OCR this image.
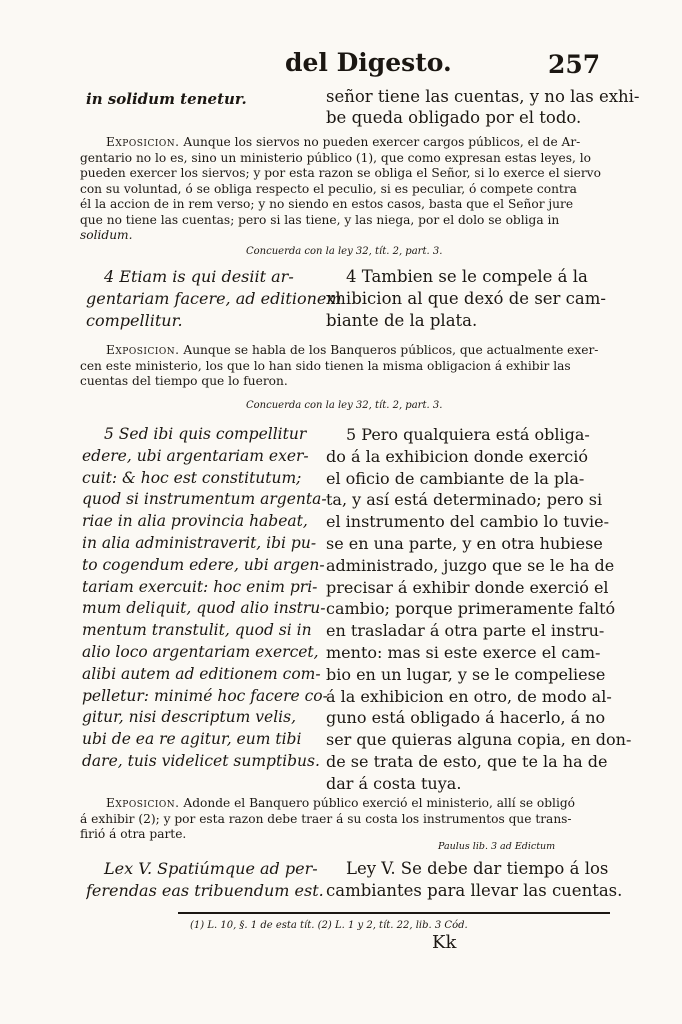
del Digesto.	257
in solidum tenetur.	señor tiene las cuentas, y no las exhi-
be queda obligado por el todo.
Exposicion. Aunque los siervos no pueden exercer cargos públicos, el de Ar-
gentario no lo es, sino un ministerio público (1), que como expresan estas leyes, lo
pueden exercer los siervos; y por esta razon se obliga el Señor, si lo exerce el siervo
con su voluntad, ó se obliga respecto el peculio, si es peculiar, ó compete contra
él la accion de in rem verso; y no siendo en estos casos, basta que el Señor jure
que no tiene las cuentas; pero si las tiene, y las niega, por el dolo se obliga in
solidum.
Concuerda con la ley 32, tít. 2, part. 3.
4 Etiam is qui desiit ar-
gentariam facere, ad editionem
compellitur.
4 Tambien se le compele á la
xhibicion al que dexó de ser cam-
biante de la plata.
Exposicion. Aunque se habla de los Banqueros públicos, que actualmente exer-
cen este ministerio, los que lo han sido tienen la misma obligacion á exhibir las
cuentas del tiempo que lo fueron.
Concuerda con la ley 32, tít. 2, part. 3.
5 Sed ibi quis compellitur
edere, ubi argentariam exer-
cuit: & hoc est constitutum;
quod si instrumentum argenta-
riae in alia provincia habeat,
in alia administraverit, ibi pu-
to cogendum edere, ubi argen-
tariam exercuit: hoc enim pri-
mum deliquit, quod alio instru-
mentum transtulit, quod si in
alio loco argentariam exercet,
alibi autem ad editionem com-
pelletur: minimé hoc facere co-
gitur, nisi descriptum velis,
ubi de ea re agitur, eum tibi
dare, tuis videlicet sumptibus.
5 Pero qualquiera está obliga-
do á la exhibicion donde exerció
el oficio de cambiante de la pla-
ta, y así está determinado; pero si
el instrumento del cambio lo tuvie-
se en una parte, y en otra hubiese
administrado, juzgo que se le ha de
precisar á exhibir donde exerció el
cambio; porque primeramente faltó
en trasladar á otra parte el instru-
mento: mas si este exerce el cam-
bio en un lugar, y se le compeliese
á la exhibicion en otro, de modo al-
guno está obligado á hacerlo, á no
ser que quieras alguna copia, en don-
de se trata de esto, que te la ha de
dar á costa tuya.
Exposicion. Adonde el Banquero público exerció el ministerio, allí se obligó
á exhibir (2); y por esta razon debe traer á su costa los instrumentos que trans-
firió á otra parte.
Paulus lib. 3 ad Edictum
Lex V. Spatiúmque ad per-
ferendas eas tribuendum est.
Ley V. Se debe dar tiempo á los
cambiantes para llevar las cuentas.
(1) L. 10, §. 1 de esta tít. (2) L. 1 y 2, tít. 22, lib. 3 Cód.
Kk
